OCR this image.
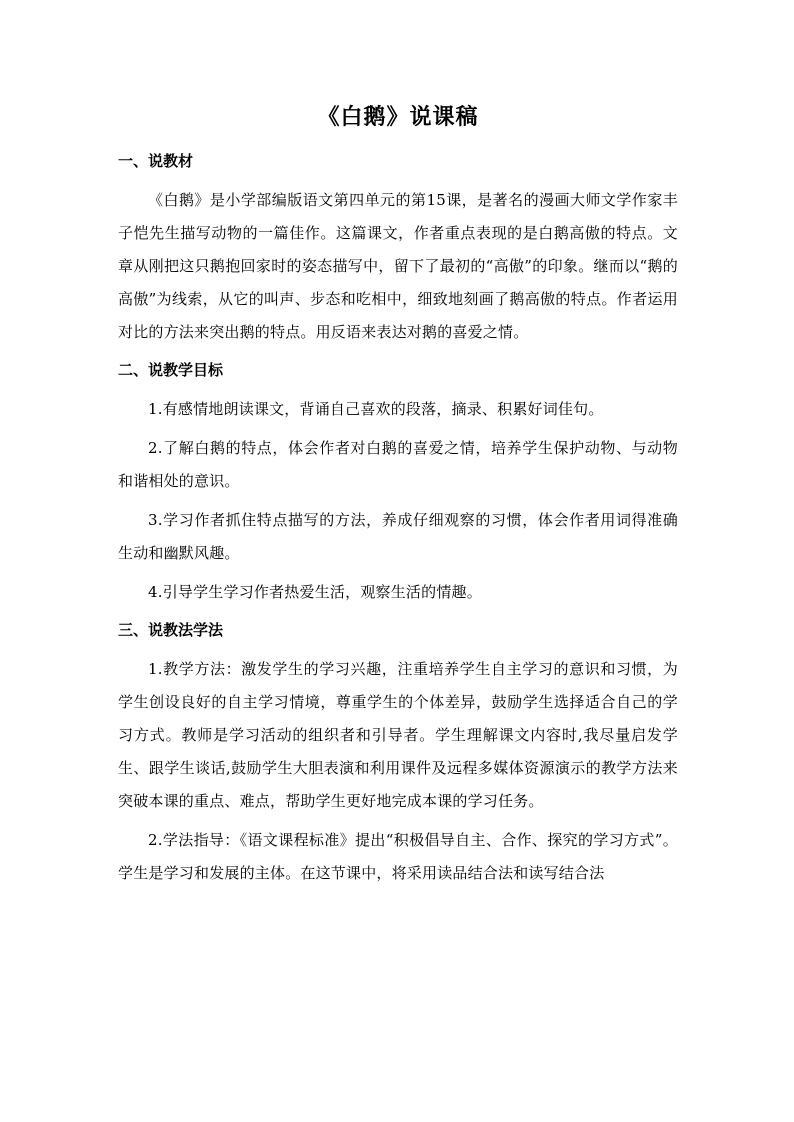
《白鹅》说课稿
一、说教材

《白鹅》是小学部编版语文第四单元的第15课，是著名的漫画大师文学作家丰子恺先生描写动物的一篇佳作。这篇课文，作者重点表现的是白鹅高傲的特点。文章从刚把这只鹅抱回家时的姿态描写中，留下了最初的“高傲”的印象。继而以“鹅的高傲”为线索，从它的叫声、步态和吃相中，细致地刻画了鹅高傲的特点。作者运用对比的方法来突出鹅的特点。用反语来表达对鹅的喜爱之情。

二、说教学目标

1.有感情地朗读课文，背诵自己喜欢的段落，摘录、积累好词佳句。

2.了解白鹅的特点，体会作者对白鹅的喜爱之情，培养学生保护动物、与动物和谐相处的意识。

3.学习作者抓住特点描写的方法，养成仔细观察的习惯，体会作者用词得准确生动和幽默风趣。

4.引导学生学习作者热爱生活，观察生活的情趣。

三、说教法学法

1.教学方法：激发学生的学习兴趣，注重培养学生自主学习的意识和习惯，为学生创设良好的自主学习情境，尊重学生的个体差异，鼓励学生选择适合自己的学习方式。教师是学习活动的组织者和引导者。学生理解课文内容时,我尽量启发学生、跟学生谈话,鼓励学生大胆表演和利用课件及远程多媒体资源演示的教学方法来突破本课的重点、难点，帮助学生更好地完成本课的学习任务。

2.学法指导：《语文课程标准》提出“积极倡导自主、合作、探究的学习方式”。学生是学习和发展的主体。在这节课中，将采用读品结合法和读写结合法
